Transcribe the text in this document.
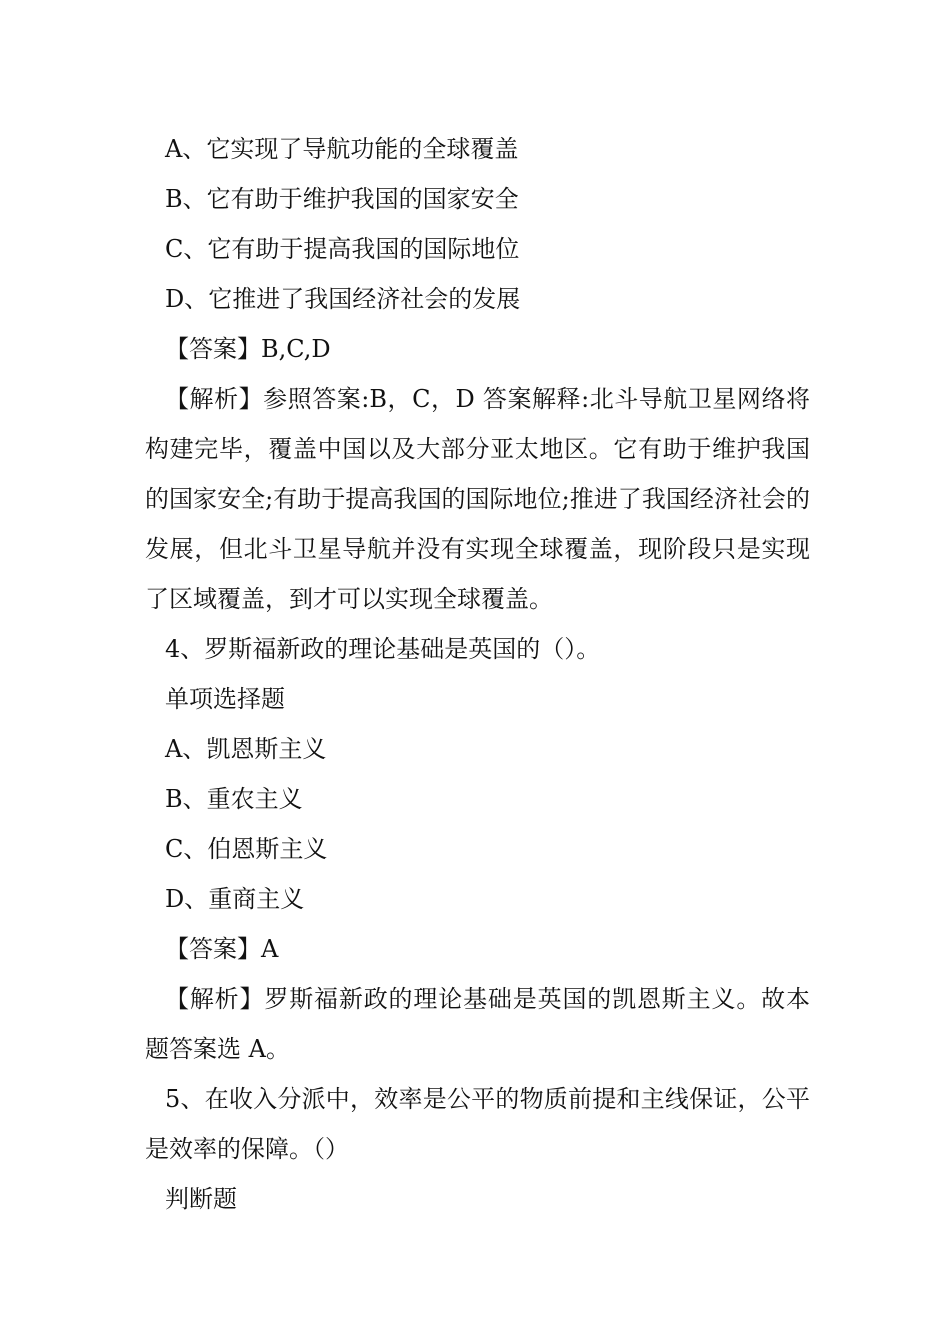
A、它实现了导航功能的全球覆盖
B、它有助于维护我国的国家安全
C、它有助于提高我国的国际地位
D、它推进了我国经济社会的发展
【答案】B,C,D

【解析】参照答案:B，C，D 答案解释:北斗导航卫星网络将构建完毕，覆盖中国以及大部分亚太地区。它有助于维护我国的国家安全;有助于提高我国的国际地位;推进了我国经济社会的发展，但北斗卫星导航并没有实现全球覆盖，现阶段只是实现了区域覆盖，到才可以实现全球覆盖。

4、罗斯福新政的理论基础是英国的（）。
单项选择题
A、凯恩斯主义
B、重农主义
C、伯恩斯主义
D、重商主义
【答案】A

【解析】罗斯福新政的理论基础是英国的凯恩斯主义。故本题答案选 A。

5、在收入分派中，效率是公平的物质前提和主线保证，公平是效率的保障。（）

判断题
